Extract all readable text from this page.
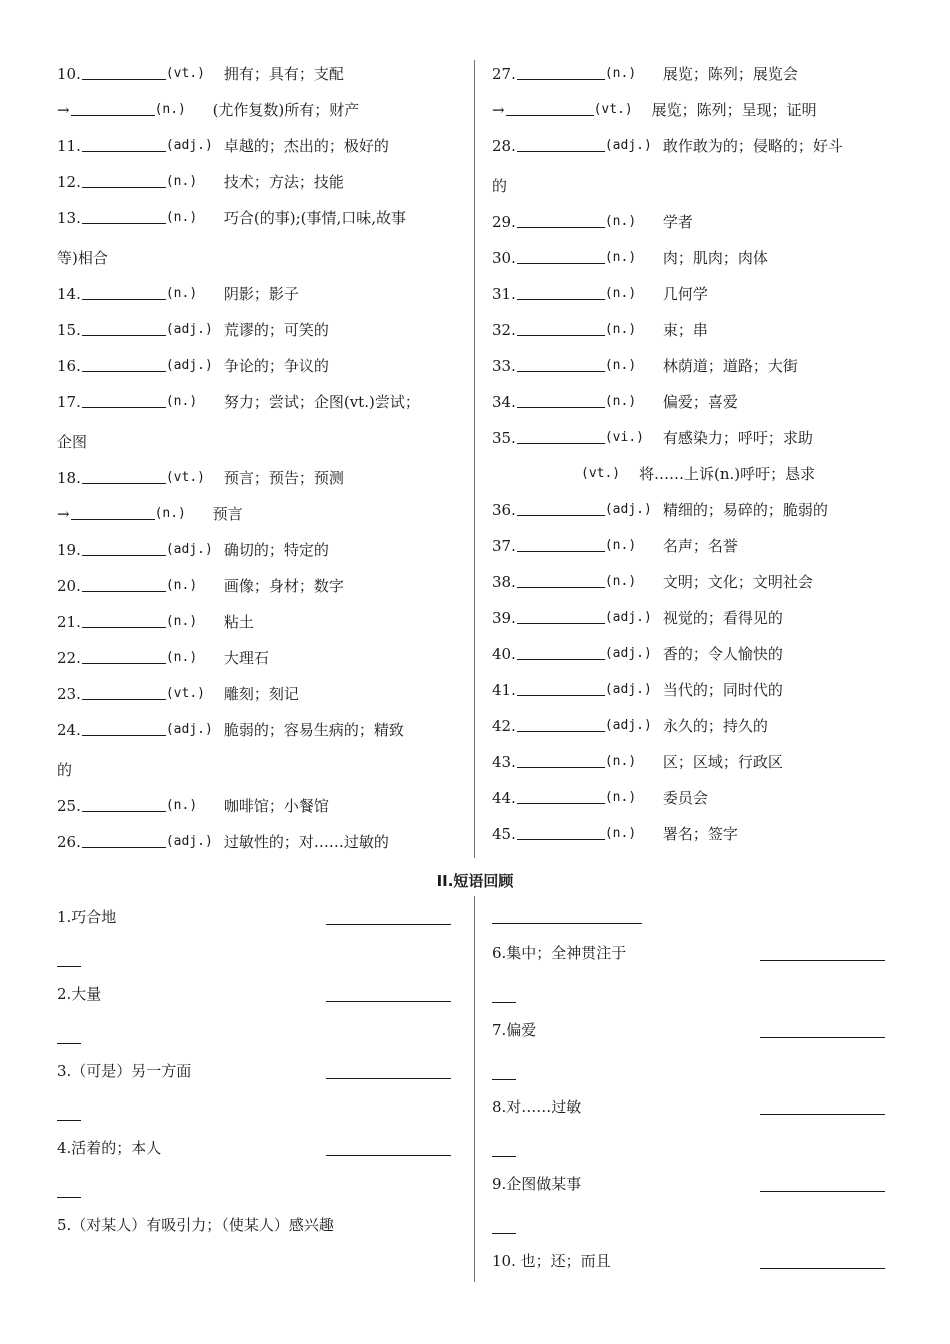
10.	(vt.) 拥有；具有；支配
→	(n.) (尤作复数)所有；财产
11.	(adj.) 卓越的；杰出的；极好的
12.	(n.) 技术；方法；技能
13.	(n.) 巧合(的事);(事情,口味,故事
等)相合
14.	(n.) 阴影；影子
15.	(adj.) 荒谬的；可笑的
16.	(adj.) 争论的；争议的
17.	(n.) 努力；尝试；企图(vt.)尝试；
企图
18.	(vt.) 预言；预告；预测
→	(n.) 预言
19.	(adj.) 确切的；特定的
20.	(n.) 画像；身材；数字
21.	(n.) 粘土
22.	(n.) 大理石
23.	(vt.) 雕刻；刻记
24.	(adj.) 脆弱的；容易生病的；精致
的
25.	(n.) 咖啡馆；小餐馆
26.	(adj.) 过敏性的；对……过敏的
27.	(n.) 展览；陈列；展览会
→	(vt.) 展览；陈列；呈现；证明
28.	(adj.) 敢作敢为的；侵略的；好斗
的
29.	(n.) 学者
30.	(n.) 肉；肌肉；肉体
31.	(n.) 几何学
32.	(n.) 束；串
33.	(n.) 林荫道；道路；大街
34.	(n.) 偏爱；喜爱
35.	(vi.) 有感染力；呼吁；求助
(vt.) 将……上诉(n.)呼吁；恳求
36.	(adj.) 精细的；易碎的；脆弱的
37.	(n.) 名声；名誉
38.	(n.) 文明；文化；文明社会
39.	(adj.) 视觉的；看得见的
40.	(adj.) 香的；令人愉快的
41.	(adj.) 当代的；同时代的
42.	(adj.) 永久的；持久的
43.	(n.) 区；区域；行政区
44.	(n.) 委员会
45.	(n.) 署名；签字
II.短语回顾
1.巧合地
2.大量
3.（可是）另一方面
4.活着的；本人
5.（对某人）有吸引力；（使某人）感兴趣
6.集中；全神贯注于
7.偏爱
8.对……过敏
9.企图做某事
10. 也；还；而且
